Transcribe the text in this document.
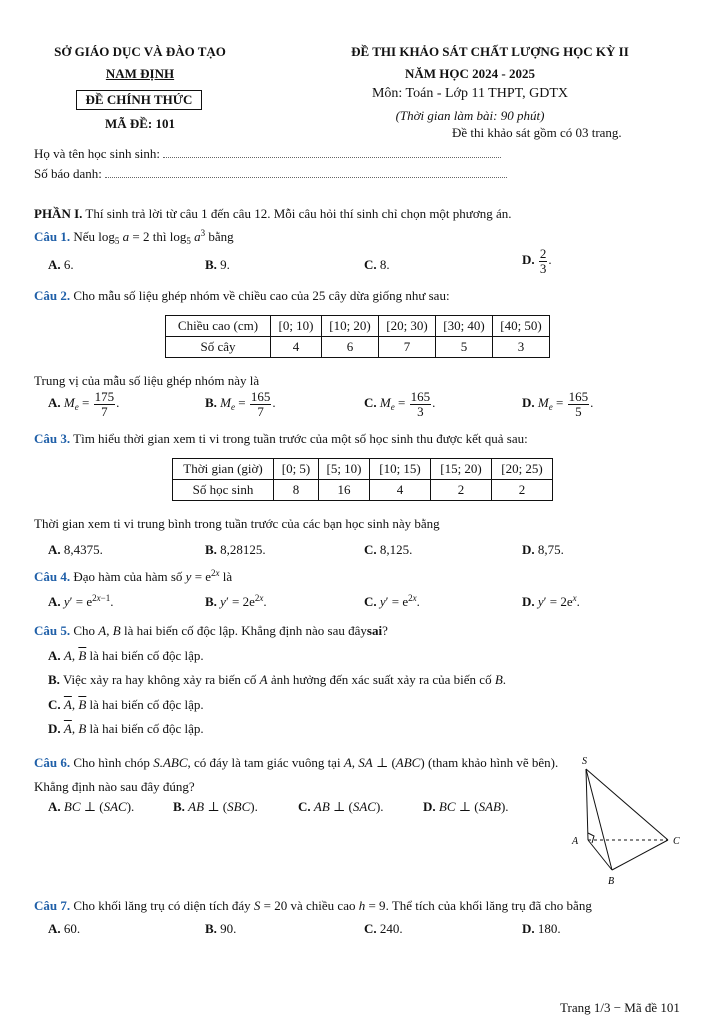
SỞ GIÁO DỤC VÀ ĐÀO TẠO
NAM ĐỊNH
ĐỀ CHÍNH THỨC
MÃ ĐỀ: 101
ĐỀ THI KHẢO SÁT CHẤT LƯỢNG HỌC KỲ II
NĂM HỌC 2024 - 2025
Môn: Toán - Lớp 11 THPT, GDTX
(Thời gian làm bài: 90 phút)
Đề thi khảo sát gồm có 03 trang.
Họ và tên học sinh sinh:
Số báo danh:
PHẦN I. Thí sinh trả lời từ câu 1 đến câu 12. Mỗi câu hỏi thí sinh chỉ chọn một phương án.
Câu 1. Nếu $\log_5 a = 2$ thì $\log_5 a^3$ bằng
A. 6.	B. 9.	C. 8.	D. $\frac{2}{3}$ .
Câu 2. Cho mẫu số liệu ghép nhóm về chiều cao của 25 cây dừa giống như sau:
Chiều cao (cm)	[0; 10)	[10; 20)	[20; 30)	[30; 40)	[40; 50)
Số cây	4	6	7	5	3
Trung vị của mẫu số liệu ghép nhóm này là
A. $M_e = \frac{175}{7}$ .	B. $M_e = \frac{165}{7}$ .	C. $M_e = \frac{165}{3}$ .	D. $M_e = \frac{165}{5}$ .
Câu 3. Tìm hiểu thời gian xem ti vi trong tuần trước của một số học sinh thu được kết quả sau:
Thời gian (giờ)	[0; 5)	[5; 10)	[10; 15)	[15; 20)	[20; 25)
Số học sinh	8	16	4	2	2
Thời gian xem ti vi trung bình trong tuần trước của các bạn học sinh này bằng
A. 8,4375.	B. 8,28125.	C. 8,125.	D. 8,75.
Câu 4. Đạo hàm của hàm số $y = e^{2x}$ là
A. $y' = e^{2x-1}$.	B. $y' = 2e^{2x}$.	C. $y' = e^{2x}$.	D. $y' = 2e^x$.
Câu 5. Cho A, B là hai biến cố độc lập. Khẳng định nào sau đâysai?
A. A, $\overline{B}$ là hai biến cố độc lập.
B. Việc xảy ra hay không xảy ra biến cố A ảnh hưởng đến xác suất xảy ra của biến cố B.
C. $\overline{A}$, $\overline{B}$ là hai biến cố độc lập.
D. $\overline{A}$, B là hai biến cố độc lập.
Câu 6. Cho hình chóp S.ABC, có đáy là tam giác vuông tại A, SA ⊥ (ABC) (tham khảo hình vẽ bên). Khẳng định nào sau đây đúng?
A. BC ⊥ (SAC).	B. AB ⊥ (SBC).	C. AB ⊥ (SAC).	D. BC ⊥ (SAB).
S
A	C
B
Câu 7. Cho khối lăng trụ có diện tích đáy S = 20 và chiều cao h = 9. Thể tích của khối lăng trụ đã cho bằng
A. 60.	B. 90.	C. 240.	D. 180.
Trang 1/3 − Mã đề 101
